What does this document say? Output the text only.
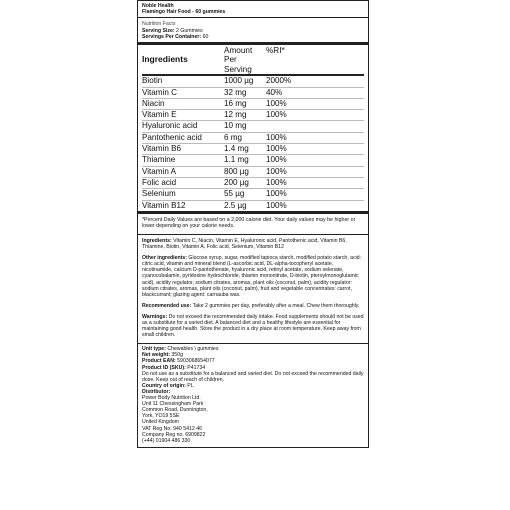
Noble Health
Flamingo Hair Food - 60 gummies
Nutrition Facts
Serving Size: 2 Gummies
Servings Per Container: 60
Ingredients	Amount Per Serving	%RI*
Biotin	1000 µg	2000%
Vitamin C	32 mg	40%
Niacin	16 mg	100%
Vitamin E	12 mg	100%
Hyaluronic acid	10 mg	
Pantothenic acid	6 mg	100%
Vitamin B6	1.4 mg	100%
Thiamine	1.1 mg	100%
Vitamin A	800 µg	100%
Folic acid	200 µg	100%
Selenium	55 µg	100%
Vitamin B12	2.5 µg	100%
*Percent Daily Values are based on a 2,000 calorie diet. Your daily values may be higher or lower depending on your calorie needs.
Ingredients: Vitamin C, Niacin, Vitamin E, Hyaluronic acid, Pantothenic acid, Vitamin B6, Thiamine, Biotin, Vitamin A, Folic acid, Selenium, Vitamin B12
Other ingredients: Glucose syrup, sugar, modified tapioca starch, modified potato starch, acid: citric acid, vitamin and mineral blend (L-ascorbic acid, DL-alpha-tocopheryl acetate, nicotinamide, calcium D-pantothenate, hyaluronic acid, retinyl acetate, sodium selenate, cyanocobalamin, pyridoxine hydrochloride, thiamin mononitrate, D-biotin, pteroylmonoglutamic acid), acidity regulator, sodium citrates, aromas, plant oils (coconut, palm), acidity regulator: sodium citrates, aromas, plant oils (coconut, palm), fruit and vegetable concentrates: carrot, blackcurrant; glazing agent: carnauba wax.
Recommended use: Take 2 gummies per day, preferably after a meal. Chew them thoroughly.
Warnings: Do not exceed the recommended daily intake. Food supplements should not be used as a substitute for a varied diet. A balanced diet and a healthy lifestyle are essential for maintaining good health. Store the product in a dry place at room temperature. Keep away from small children.
Unit type: Chewables \ gummies
Net weight: 350g
Product EAN: 5903068654077
Product ID (SKU): P41734
Do not use as a substitute for a balanced and varied diet. Do not exceed the recommended daily dose. Keep out of reach of children.
Country of origin: PL
Distributor:
Power Body Nutrition Ltd.
Unit 11 Chessingham Park
Common Road, Dunnington,
York, YO19 5SE
United Kingdom
VAT Reg No. 940 5412 46
Company Reg no. 6909822
(+44) 01904 486 330
